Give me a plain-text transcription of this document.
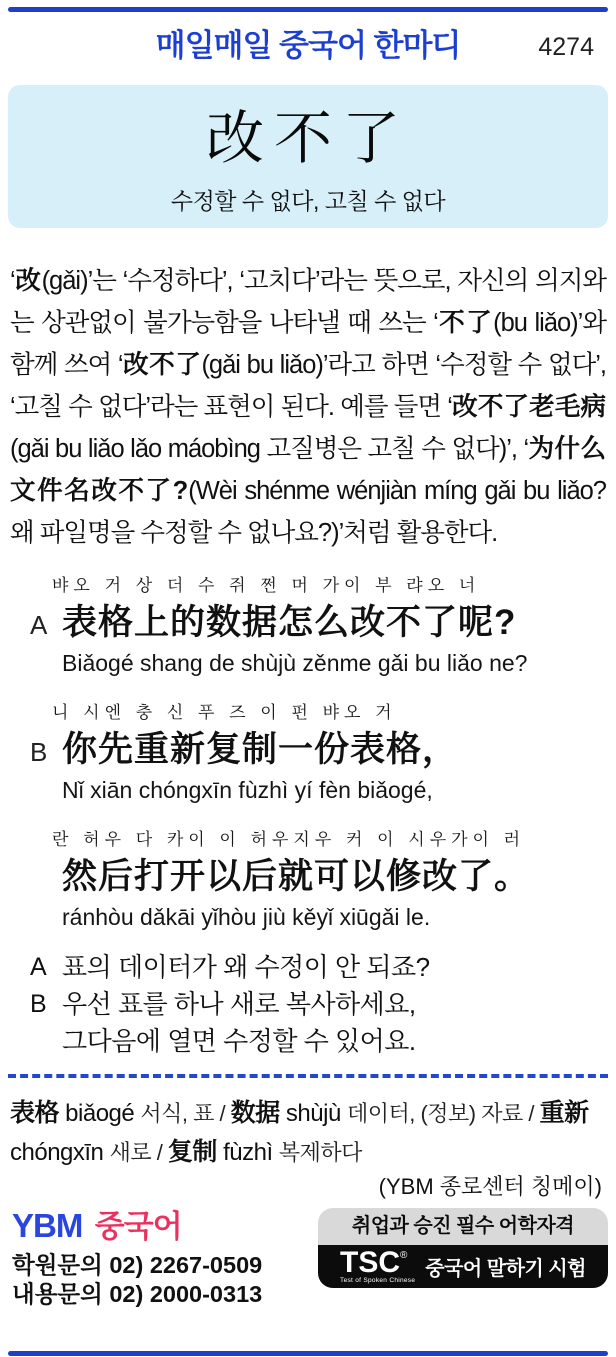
매일매일 중국어 한마디	4274
改不了
수정할 수 없다, 고칠 수 없다

‘改(gǎi)’는 ‘수정하다’, ‘고치다’라는 뜻으로, 자신의 의지와는 상관없이 불가능함을 나타낼 때 쓰는 ‘不了(bu liǎo)’와 함께 쓰여 ‘改不了(gǎi bu liǎo)’라고 하면 ‘수정할 수 없다’, ‘고칠 수 없다’라는 표현이 된다. 예를 들면 ‘改不了老毛病(gǎi bu liǎo lǎo máobìng 고질병은 고칠 수 없다)’, ‘为什么文件名改不了?(Wèi shénme wénjiàn míng gǎi bu liǎo? 왜 파일명을 수정할 수 없나요?)’처럼 활용한다.

뱌오 거 상 더 수 쥐 쩐 머 가이 부 랴오 너
A 表格上的数据怎么改不了呢?
Biǎogé shang de shùjù zěnme gǎi bu liǎo ne?
니 시엔 충 신 푸 즈 이 펀 뱌오 거
B 你先重新复制一份表格，
Nǐ xiān chóngxīn fùzhì yí fèn biǎogé,
란 허우 다 카이 이 허우지우 커 이 시우가이 러
然后打开以后就可以修改了。
ránhòu dǎkāi yǐhòu jiù kěyǐ xiūgǎi le.
A 표의 데이터가 왜 수정이 안 되죠?
B 우선 표를 하나 새로 복사하세요,
그다음에 열면 수정할 수 있어요.

表格 biǎogé 서식, 표 / 数据 shùjù 데이터, (정보) 자료 / 重新 chóngxīn 새로 / 复制 fùzhì 복제하다

(YBM 종로센터 칭메이)
YBM 중국어
학원문의 02) 2267-0509
내용문의 02) 2000-0313
취업과 승진 필수 어학자격
TSC®
Test of Spoken Chinese 중국어 말하기 시험
